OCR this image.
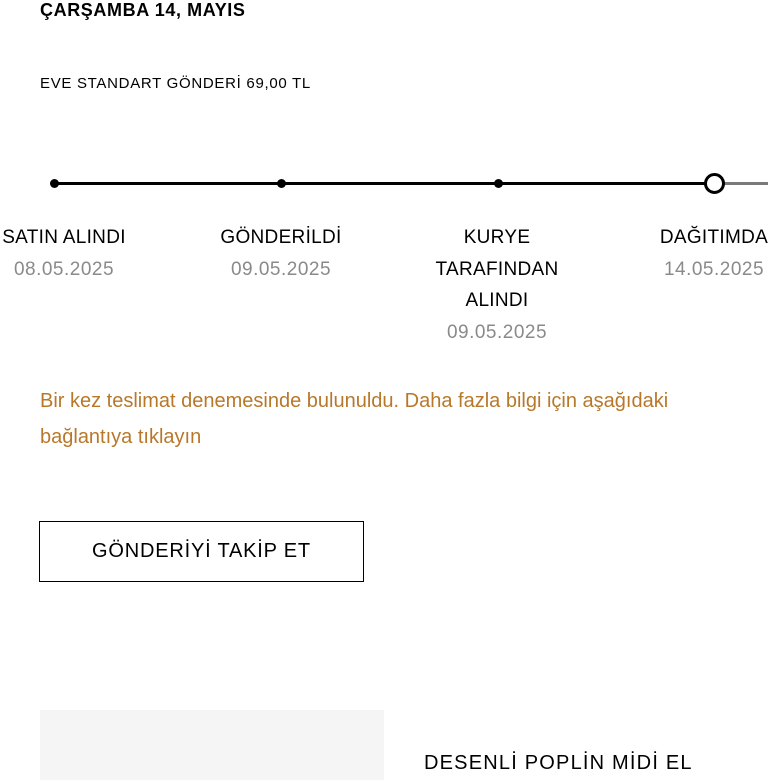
ÇARŞAMBA 14, MAYIS
EVE STANDART GÖNDERİ 69,00 TL
SATIN ALINDI
08.05.2025
GÖNDERİLDİ
09.05.2025
KURYE TARAFINDAN ALINDI
09.05.2025
DAĞITIMDA
14.05.2025

Bir kez teslimat denemesinde bulunuldu. Daha fazla bilgi için aşağıdaki bağlantıya tıklayın

GÖNDERİYİ TAKİP ET
DESENLİ POPLİN MİDİ EL
